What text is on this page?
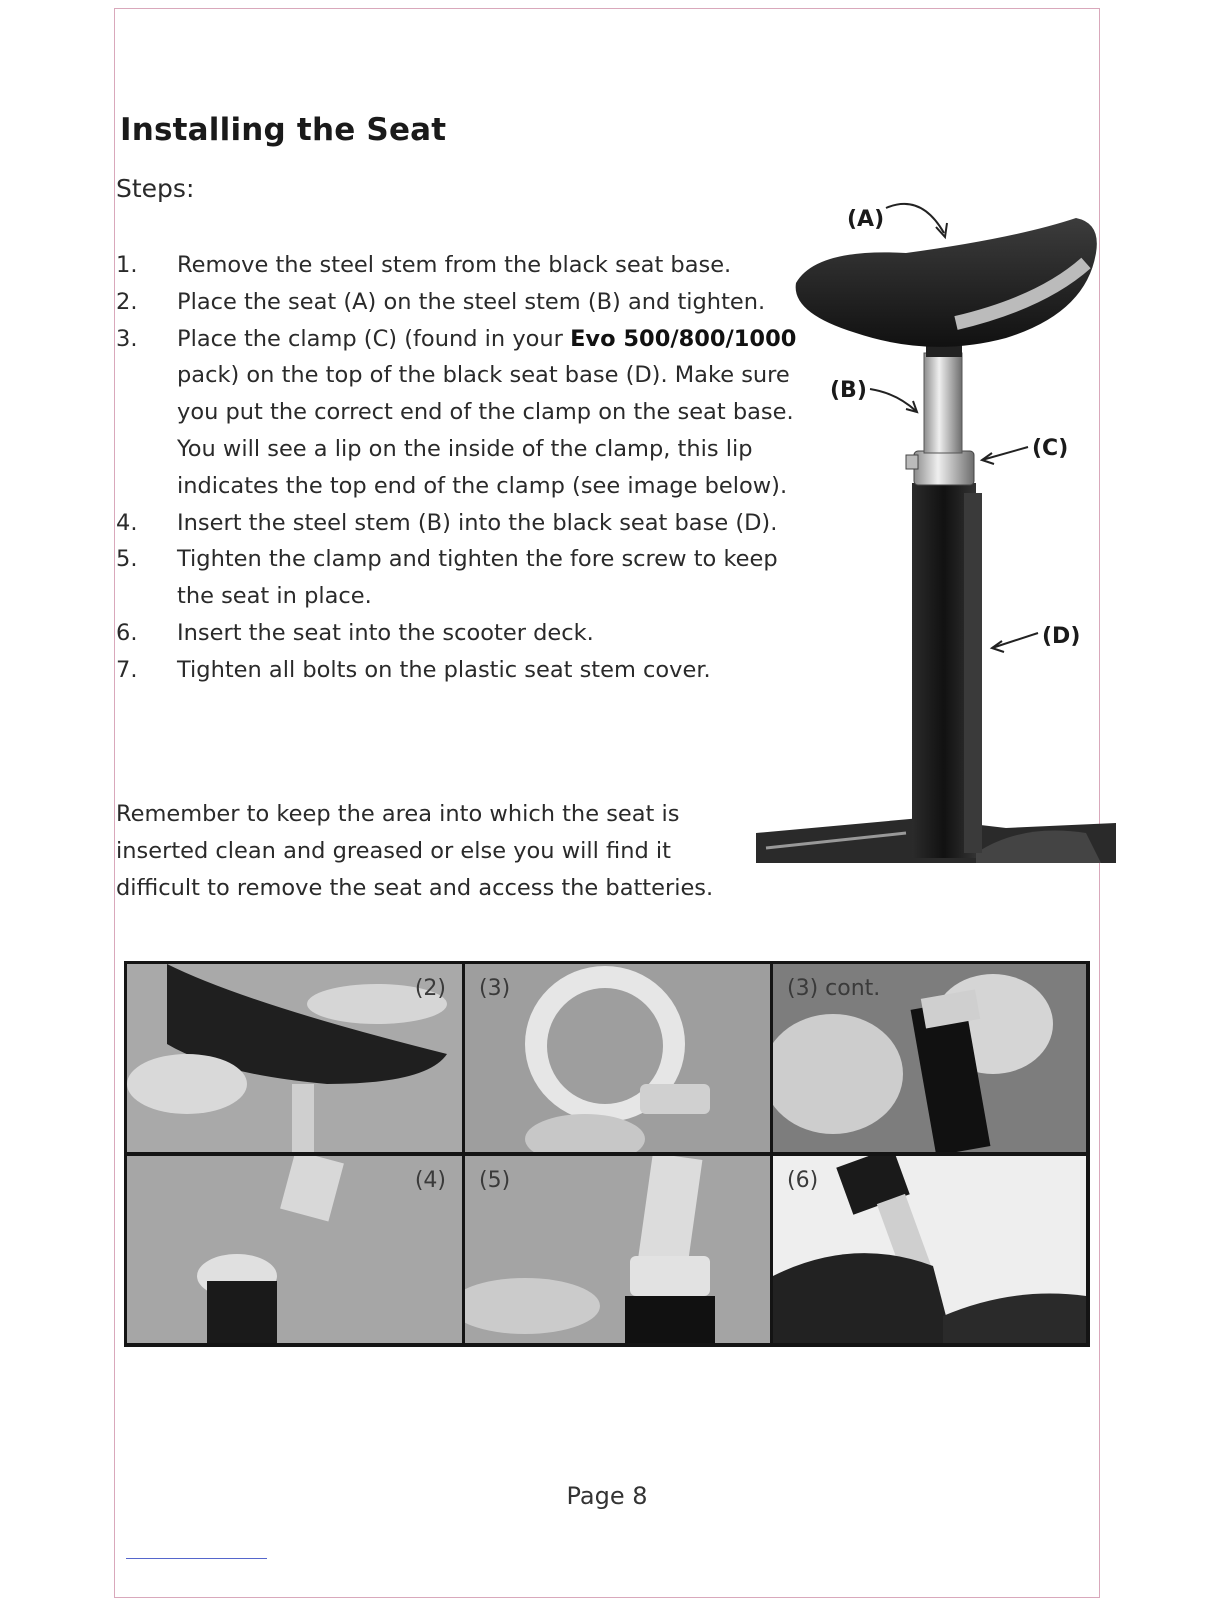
Installing the Seat
Steps:
1. Remove the steel stem from the black seat base.
2. Place the seat (A) on the steel stem (B) and tighten.
3. Place the clamp (C) (found in your Evo 500/800/1000 pack) on the top of the black seat base (D). Make sure you put the correct end of the clamp on the seat base. You will see a lip on the inside of the clamp, this lip indicates the top end of the clamp (see image below).
4. Insert the steel stem (B) into the black seat base (D).
5. Tighten the clamp and tighten the fore screw to keep the seat in place.
6. Insert the seat into the scooter deck.
7. Tighten all bolts on the plastic seat stem cover.

Remember to keep the area into which the seat is inserted clean and greased or else you will find it difficult to remove the seat and access the batteries.

(A)
(B)
(C)
(D)
(2) (3)	(3) cont.
(4) (5)	(6)
Page 8
